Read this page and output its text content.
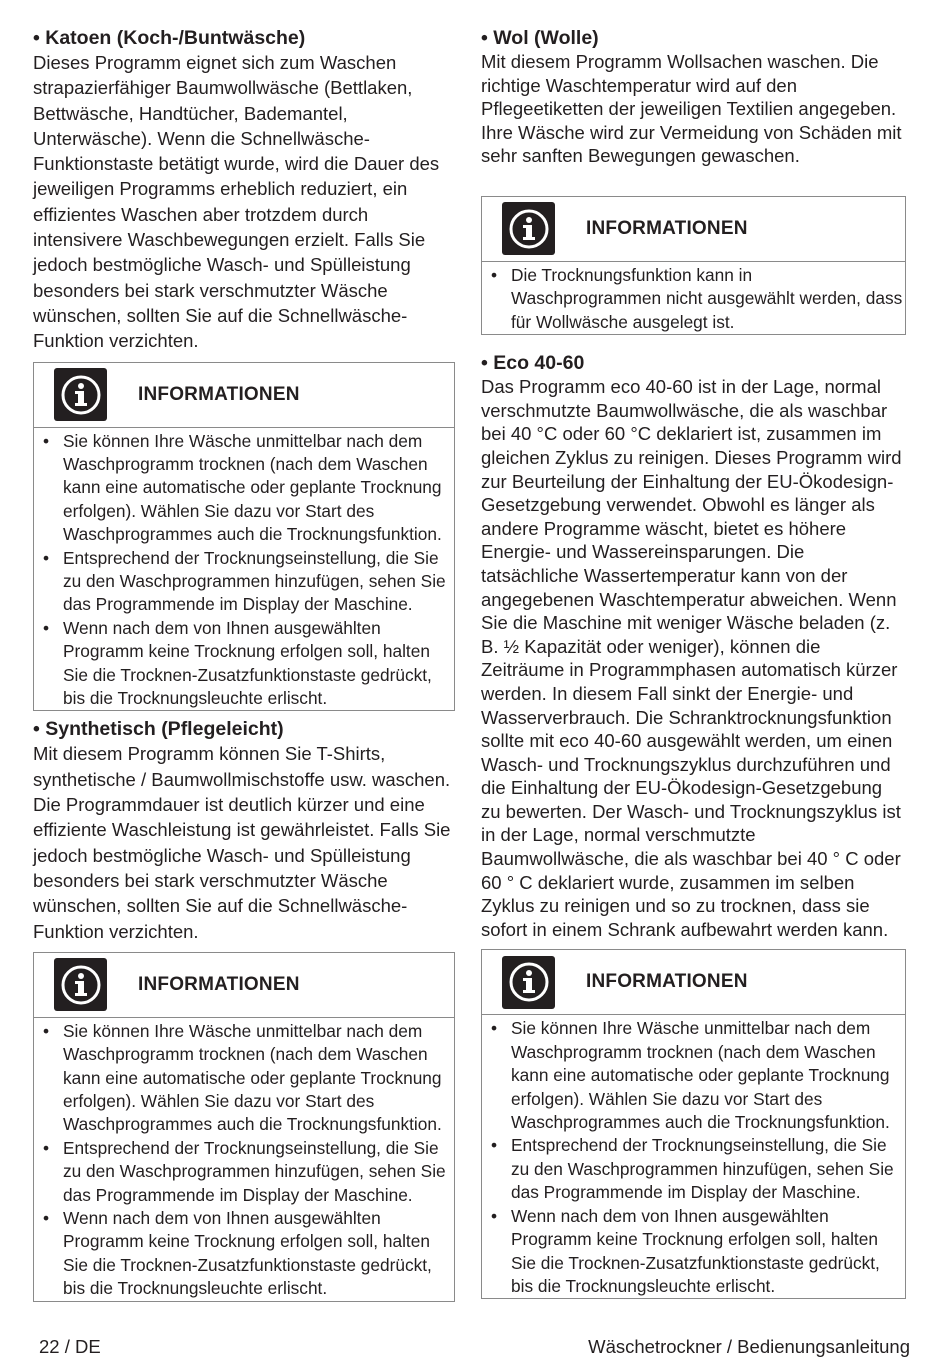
• Katoen (Koch-/Buntwäsche)

Dieses Programm eignet sich zum Waschen strapazierfähiger Baumwollwäsche (Bettlaken, Bettwäsche, Handtücher, Bademantel, Unterwäsche). Wenn die Schnellwäsche-Funktionstaste betätigt wurde, wird die Dauer des jeweiligen Programms erheblich reduziert, ein effizientes Waschen aber trotzdem durch intensivere Waschbewegungen erzielt. Falls Sie jedoch bestmögliche Wasch- und Spülleistung besonders bei stark verschmutzter Wäsche wünschen, sollten Sie auf die Schnellwäsche-Funktion verzichten.

INFORMATIONEN
• Sie können Ihre Wäsche unmittelbar nach dem Waschprogramm trocknen (nach dem Waschen kann eine automatische oder geplante Trocknung erfolgen). Wählen Sie dazu vor Start des Waschprogrammes auch die Trocknungsfunktion.
• Entsprechend der Trocknungseinstellung, die Sie zu den Waschprogrammen hinzufügen, sehen Sie das Programmende im Display der Maschine.
• Wenn nach dem von Ihnen ausgewählten Programm keine Trocknung erfolgen soll, halten Sie die Trocknen-Zusatzfunktionstaste gedrückt, bis die Trocknungsleuchte erlischt.

• Synthetisch (Pflegeleicht)

Mit diesem Programm können Sie T-Shirts, synthetische / Baumwollmischstoffe usw. waschen. Die Programmdauer ist deutlich kürzer und eine effiziente Waschleistung ist gewährleistet. Falls Sie jedoch bestmögliche Wasch- und Spülleistung besonders bei stark verschmutzter Wäsche wünschen, sollten Sie auf die Schnellwäsche-Funktion verzichten.

INFORMATIONEN
• Sie können Ihre Wäsche unmittelbar nach dem Waschprogramm trocknen (nach dem Waschen kann eine automatische oder geplante Trocknung erfolgen). Wählen Sie dazu vor Start des Waschprogrammes auch die Trocknungsfunktion.
• Entsprechend der Trocknungseinstellung, die Sie zu den Waschprogrammen hinzufügen, sehen Sie das Programmende im Display der Maschine.
• Wenn nach dem von Ihnen ausgewählten Programm keine Trocknung erfolgen soll, halten Sie die Trocknen-Zusatzfunktionstaste gedrückt, bis die Trocknungsleuchte erlischt.

• Wol (Wolle)

Mit diesem Programm Wollsachen waschen. Die richtige Waschtemperatur wird auf den Pflegeetiketten der jeweiligen Textilien angegeben. Ihre Wäsche wird zur Vermeidung von Schäden mit sehr sanften Bewegungen gewaschen.

INFORMATIONEN
• Die Trocknungsfunktion kann in Waschprogrammen nicht ausgewählt werden, dass für Wollwäsche ausgelegt ist.

• Eco 40-60

Das Programm eco 40-60 ist in der Lage, normal verschmutzte Baumwollwäsche, die als waschbar bei 40 °C oder 60 °C deklariert ist, zusammen im gleichen Zyklus zu reinigen. Dieses Programm wird zur Beurteilung der Einhaltung der EU-Ökodesign-Gesetzgebung verwendet. Obwohl es länger als andere Programme wäscht, bietet es höhere Energie- und Wassereinsparungen. Die tatsächliche Wassertemperatur kann von der angegebenen Waschtemperatur abweichen. Wenn Sie die Maschine mit weniger Wäsche beladen (z. B. ½ Kapazität oder weniger), können die Zeiträume in Programmphasen automatisch kürzer werden. In diesem Fall sinkt der Energie- und Wasserverbrauch. Die Schranktrocknungsfunktion sollte mit eco 40-60 ausgewählt werden, um einen Wasch- und Trocknungszyklus durchzuführen und die Einhaltung der EU-Ökodesign-Gesetzgebung zu bewerten. Der Wasch- und Trocknungszyklus ist in der Lage, normal verschmutzte Baumwollwäsche, die als waschbar bei 40 ° C oder 60 ° C deklariert wurde, zusammen im selben Zyklus zu reinigen und so zu trocknen, dass sie sofort in einem Schrank aufbewahrt werden kann.

INFORMATIONEN
• Sie können Ihre Wäsche unmittelbar nach dem Waschprogramm trocknen (nach dem Waschen kann eine automatische oder geplante Trocknung erfolgen). Wählen Sie dazu vor Start des Waschprogrammes auch die Trocknungsfunktion.
• Entsprechend der Trocknungseinstellung, die Sie zu den Waschprogrammen hinzufügen, sehen Sie das Programmende im Display der Maschine.
• Wenn nach dem von Ihnen ausgewählten Programm keine Trocknung erfolgen soll, halten Sie die Trocknen-Zusatzfunktionstaste gedrückt, bis die Trocknungsleuchte erlischt.
22 / DE	Wäschetrockner / Bedienungsanleitung
